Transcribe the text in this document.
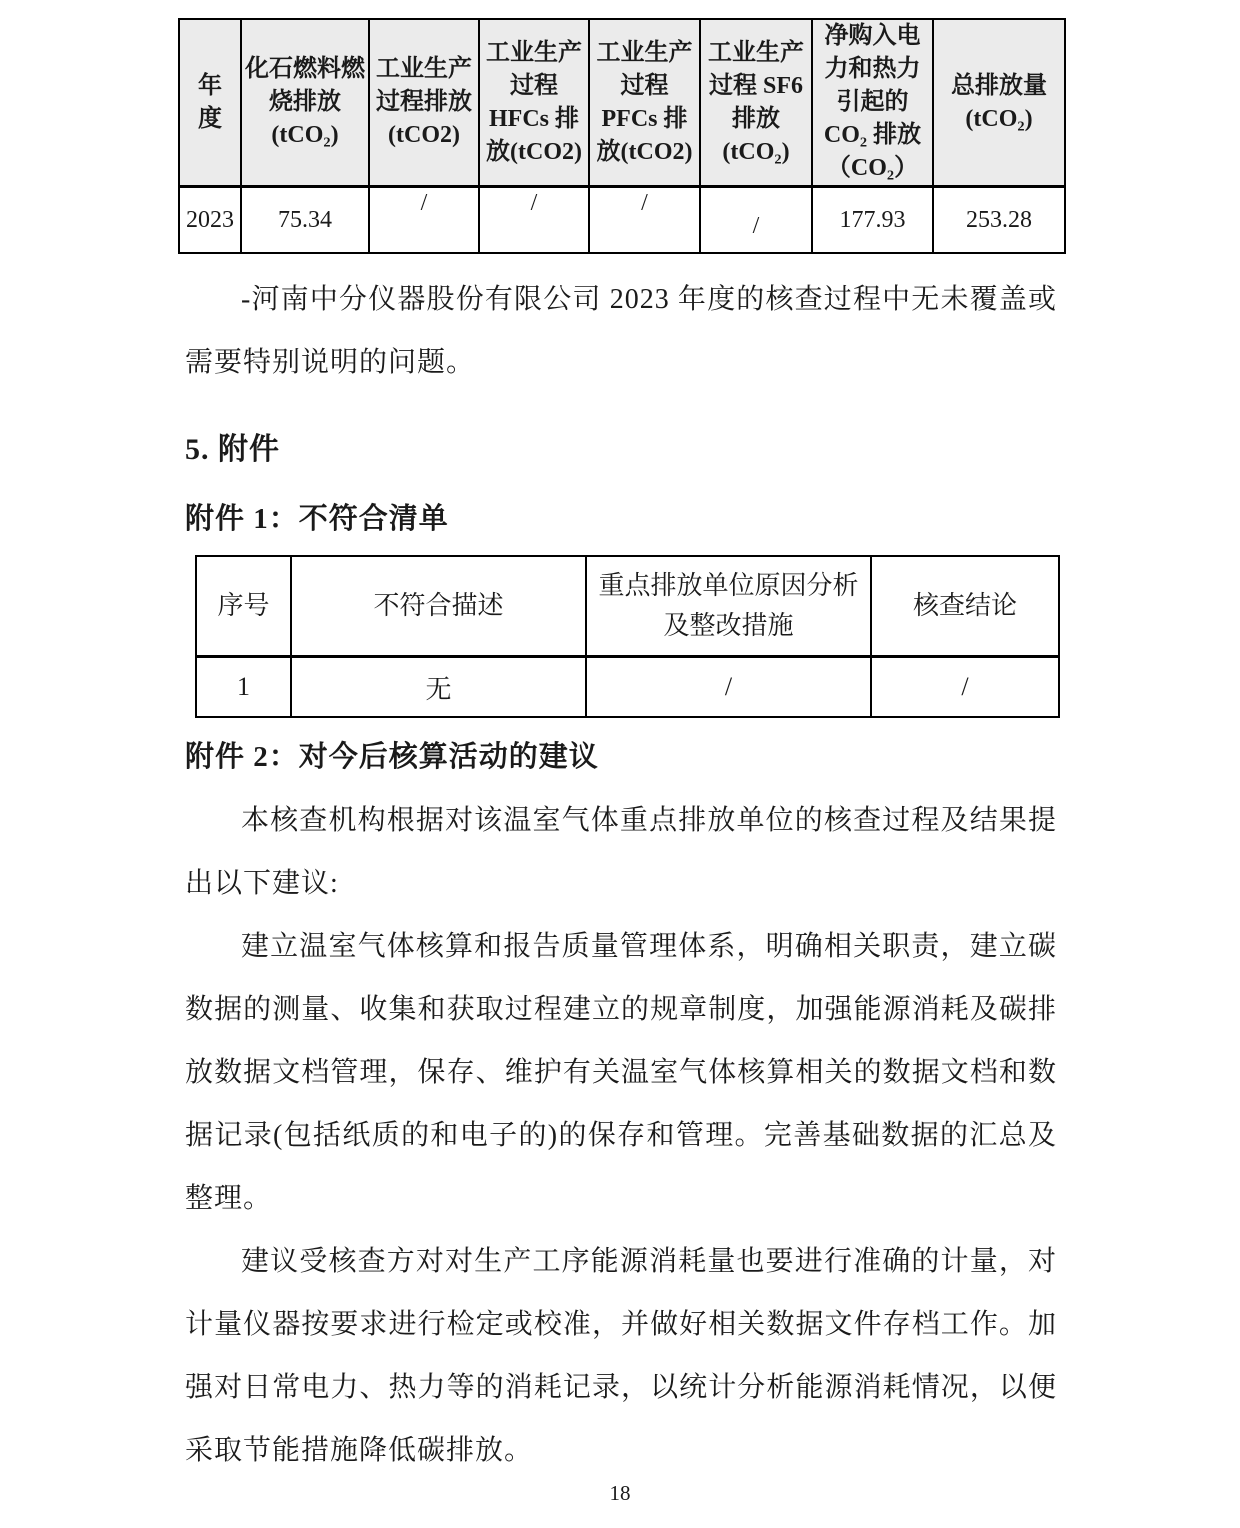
年度	化石燃料燃烧排放(tCO₂)	工业生产过程排放(tCO2)	工业生产过程 HFCs 排放(tCO2)	工业生产过程 PFCs 排放(tCO2)	工业生产过程 SF6 排放(tCO₂)	净购入电力和热力引起的 CO₂ 排放（CO₂）	总排放量(tCO₂)
2023	75.34	/	/	/	/	177.93	253.28

-河南中分仪器股份有限公司 2023 年度的核查过程中无未覆盖或需要特别说明的问题。

5. 附件
附件 1：不符合清单
序号	不符合描述	重点排放单位原因分析及整改措施	核查结论
1	无	/	/
附件 2：对今后核算活动的建议

本核查机构根据对该温室气体重点排放单位的核查过程及结果提出以下建议:

建立温室气体核算和报告质量管理体系，明确相关职责，建立碳数据的测量、收集和获取过程建立的规章制度，加强能源消耗及碳排放数据文档管理，保存、维护有关温室气体核算相关的数据文档和数据记录(包括纸质的和电子的)的保存和管理。完善基础数据的汇总及整理。

建议受核查方对对生产工序能源消耗量也要进行准确的计量，对计量仪器按要求进行检定或校准，并做好相关数据文件存档工作。加强对日常电力、热力等的消耗记录，以统计分析能源消耗情况，以便采取节能措施降低碳排放。

18
